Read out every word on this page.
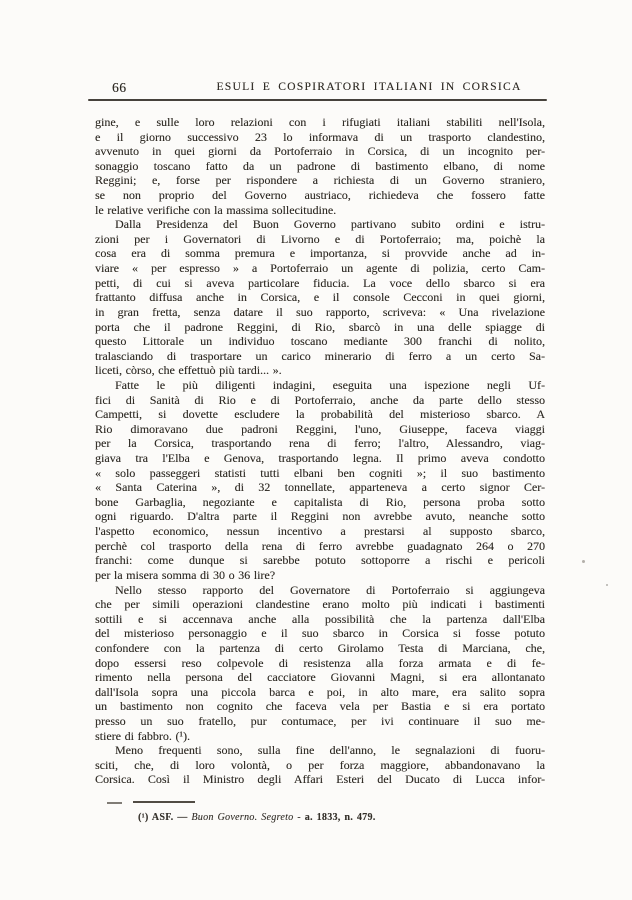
66	ESULI E COSPIRATORI ITALIANI IN CORSICA
gine, e sulle loro relazioni con i rifugiati italiani stabiliti nell'Isola,
e il giorno successivo 23 lo informava di un trasporto clandestino,
avvenuto in quei giorni da Portoferraio in Corsica, di un incognito per-
sonaggio toscano fatto da un padrone di bastimento elbano, di nome
Reggini; e, forse per rispondere a richiesta di un Governo straniero,
se non proprio del Governo austriaco, richiedeva che fossero fatte
le relative verifiche con la massima sollecitudine.
Dalla Presidenza del Buon Governo partivano subito ordini e istru-
zioni per i Governatori di Livorno e di Portoferraio; ma, poichè la
cosa era di somma premura e importanza, si provvide anche ad in-
viare « per espresso » a Portoferraio un agente di polizia, certo Cam-
petti, di cui si aveva particolare fiducia. La voce dello sbarco si era
frattanto diffusa anche in Corsica, e il console Cecconi in quei giorni,
in gran fretta, senza datare il suo rapporto, scriveva: « Una rivelazione
porta che il padrone Reggini, di Rio, sbarcò in una delle spiagge di
questo Littorale un individuo toscano mediante 300 franchi di nolito,
tralasciando di trasportare un carico minerario di ferro a un certo Sa-
liceti, còrso, che effettuò più tardi... ».
Fatte le più diligenti indagini, eseguita una ispezione negli Uf-
fici di Sanità di Rio e di Portoferraio, anche da parte dello stesso
Campetti, si dovette escludere la probabilità del misterioso sbarco. A
Rio dimoravano due padroni Reggini, l'uno, Giuseppe, faceva viaggi
per la Corsica, trasportando rena di ferro; l'altro, Alessandro, viag-
giava tra l'Elba e Genova, trasportando legna. Il primo aveva condotto
« solo passeggeri statisti tutti elbani ben cogniti »; il suo bastimento
« Santa Caterina », di 32 tonnellate, apparteneva a certo signor Cer-
bone Garbaglia, negoziante e capitalista di Rio, persona proba sotto
ogni riguardo. D'altra parte il Reggini non avrebbe avuto, neanche sotto
l'aspetto economico, nessun incentivo a prestarsi al supposto sbarco,
perchè col trasporto della rena di ferro avrebbe guadagnato 264 o 270
franchi: come dunque si sarebbe potuto sottoporre a rischi e pericoli
per la misera somma di 30 o 36 lire?
Nello stesso rapporto del Governatore di Portoferraio si aggiungeva
che per simili operazioni clandestine erano molto più indicati i bastimenti
sottili e si accennava anche alla possibilità che la partenza dall'Elba
del misterioso personaggio e il suo sbarco in Corsica si fosse potuto
confondere con la partenza di certo Girolamo Testa di Marciana, che,
dopo essersi reso colpevole di resistenza alla forza armata e di fe-
rimento nella persona del cacciatore Giovanni Magni, si era allontanato
dall'Isola sopra una piccola barca e poi, in alto mare, era salito sopra
un bastimento non cognito che faceva vela per Bastia e si era portato
presso un suo fratello, pur contumace, per ivi continuare il suo me-
stiere di fabbro. (¹).
Meno frequenti sono, sulla fine dell'anno, le segnalazioni di fuoru-
sciti, che, di loro volontà, o per forza maggiore, abbandonavano la
Corsica. Così il Ministro degli Affari Esteri del Ducato di Lucca infor-
(¹) ASF. — Buon Governo. Segreto - a. 1833, n. 479.
